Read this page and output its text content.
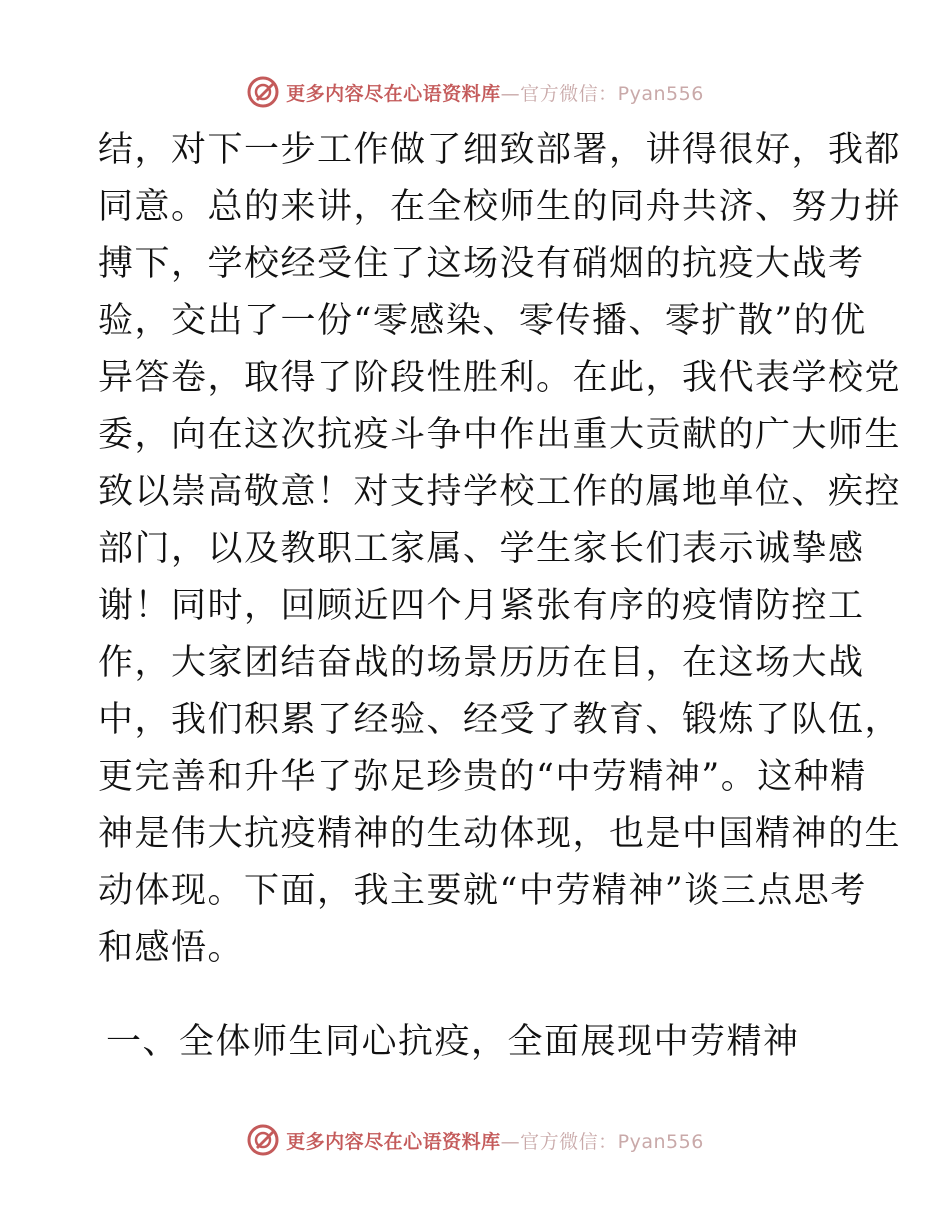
更多内容尽在心语资料库—官方微信：Pyan556
结，对下一步工作做了细致部署，讲得很好，我都
同意。总的来讲，在全校师生的同舟共济、努力拼
搏下，学校经受住了这场没有硝烟的抗疫大战考
验，交出了一份“零感染、零传播、零扩散”的优
异答卷，取得了阶段性胜利。在此，我代表学校党
委，向在这次抗疫斗争中作出重大贡献的广大师生
致以崇高敬意！对支持学校工作的属地单位、疾控
部门，以及教职工家属、学生家长们表示诚挚感
谢！同时，回顾近四个月紧张有序的疫情防控工
作，大家团结奋战的场景历历在目，在这场大战
中，我们积累了经验、经受了教育、锻炼了队伍，
更完善和升华了弥足珍贵的“中劳精神”。这种精
神是伟大抗疫精神的生动体现，也是中国精神的生
动体现。下面，我主要就“中劳精神”谈三点思考
和感悟。
一、全体师生同心抗疫，全面展现中劳精神
更多内容尽在心语资料库—官方微信：Pyan556
